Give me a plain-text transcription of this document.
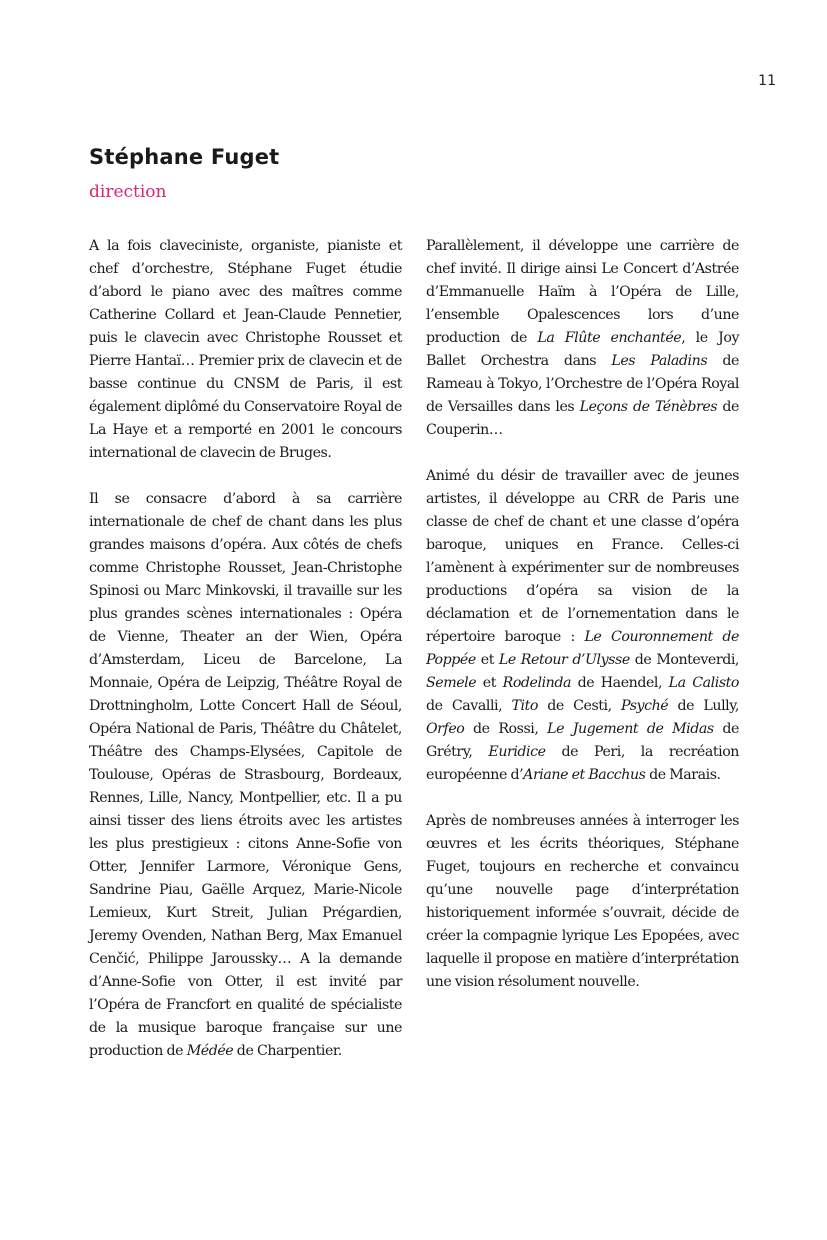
11
Stéphane Fuget
direction

A la fois claveciniste, organiste, pianiste et chef d’orchestre, Stéphane Fuget étudie d’abord le piano avec des maîtres comme Catherine Collard et Jean-Claude Pennetier, puis le clavecin avec Christophe Rousset et Pierre Hantaï… Premier prix de clavecin et de basse continue du CNSM de Paris, il est également diplômé du Conservatoire Royal de La Haye et a remporté en 2001 le concours international de clavecin de Bruges.

Il se consacre d’abord à sa carrière internationale de chef de chant dans les plus grandes maisons d’opéra. Aux côtés de chefs comme Christophe Rousset, Jean-Christophe Spinosi ou Marc Minkovski, il travaille sur les plus grandes scènes internationales : Opéra de Vienne, Theater an der Wien, Opéra d’Amsterdam, Liceu de Barcelone, La Monnaie, Opéra de Leipzig, Théâtre Royal de Drottningholm, Lotte Concert Hall de Séoul, Opéra National de Paris, Théâtre du Châtelet, Théâtre des Champs-Elysées, Capitole de Toulouse, Opéras de Strasbourg, Bordeaux, Rennes, Lille, Nancy, Montpellier, etc. Il a pu ainsi tisser des liens étroits avec les artistes les plus prestigieux : citons Anne-Sofie von Otter, Jennifer Larmore, Véronique Gens, Sandrine Piau, Gaëlle Arquez, Marie-Nicole Lemieux, Kurt Streit, Julian Prégardien, Jeremy Ovenden, Nathan Berg, Max Emanuel Cenčić, Philippe Jaroussky… A la demande d’Anne-Sofie von Otter, il est invité par l’Opéra de Francfort en qualité de spécialiste de la musique baroque française sur une production de Médée de Charpentier.

Parallèlement, il développe une carrière de chef invité. Il dirige ainsi Le Concert d’Astrée d’Emmanuelle Haïm à l’Opéra de Lille, l’ensemble Opalescences lors d’une production de La Flûte enchantée, le Joy Ballet Orchestra dans Les Paladins de Rameau à Tokyo, l’Orchestre de l’Opéra Royal de Versailles dans les Leçons de Ténèbres de Couperin…

Animé du désir de travailler avec de jeunes artistes, il développe au CRR de Paris une classe de chef de chant et une classe d’opéra baroque, uniques en France. Celles-ci l’amènent à expérimenter sur de nombreuses productions d’opéra sa vision de la déclamation et de l’ornementation dans le répertoire baroque : Le Couronnement de Poppée et Le Retour d’Ulysse de Monteverdi, Semele et Rodelinda de Haendel, La Calisto de Cavalli, Tito de Cesti, Psyché de Lully, Orfeo de Rossi, Le Jugement de Midas de Grétry, Euridice de Peri, la recréation européenne d’Ariane et Bacchus de Marais.

Après de nombreuses années à interroger les œuvres et les écrits théoriques, Stéphane Fuget, toujours en recherche et convaincu qu’une nouvelle page d’interprétation historiquement informée s’ouvrait, décide de créer la compagnie lyrique Les Epopées, avec laquelle il propose en matière d’interprétation une vision résolument nouvelle.
